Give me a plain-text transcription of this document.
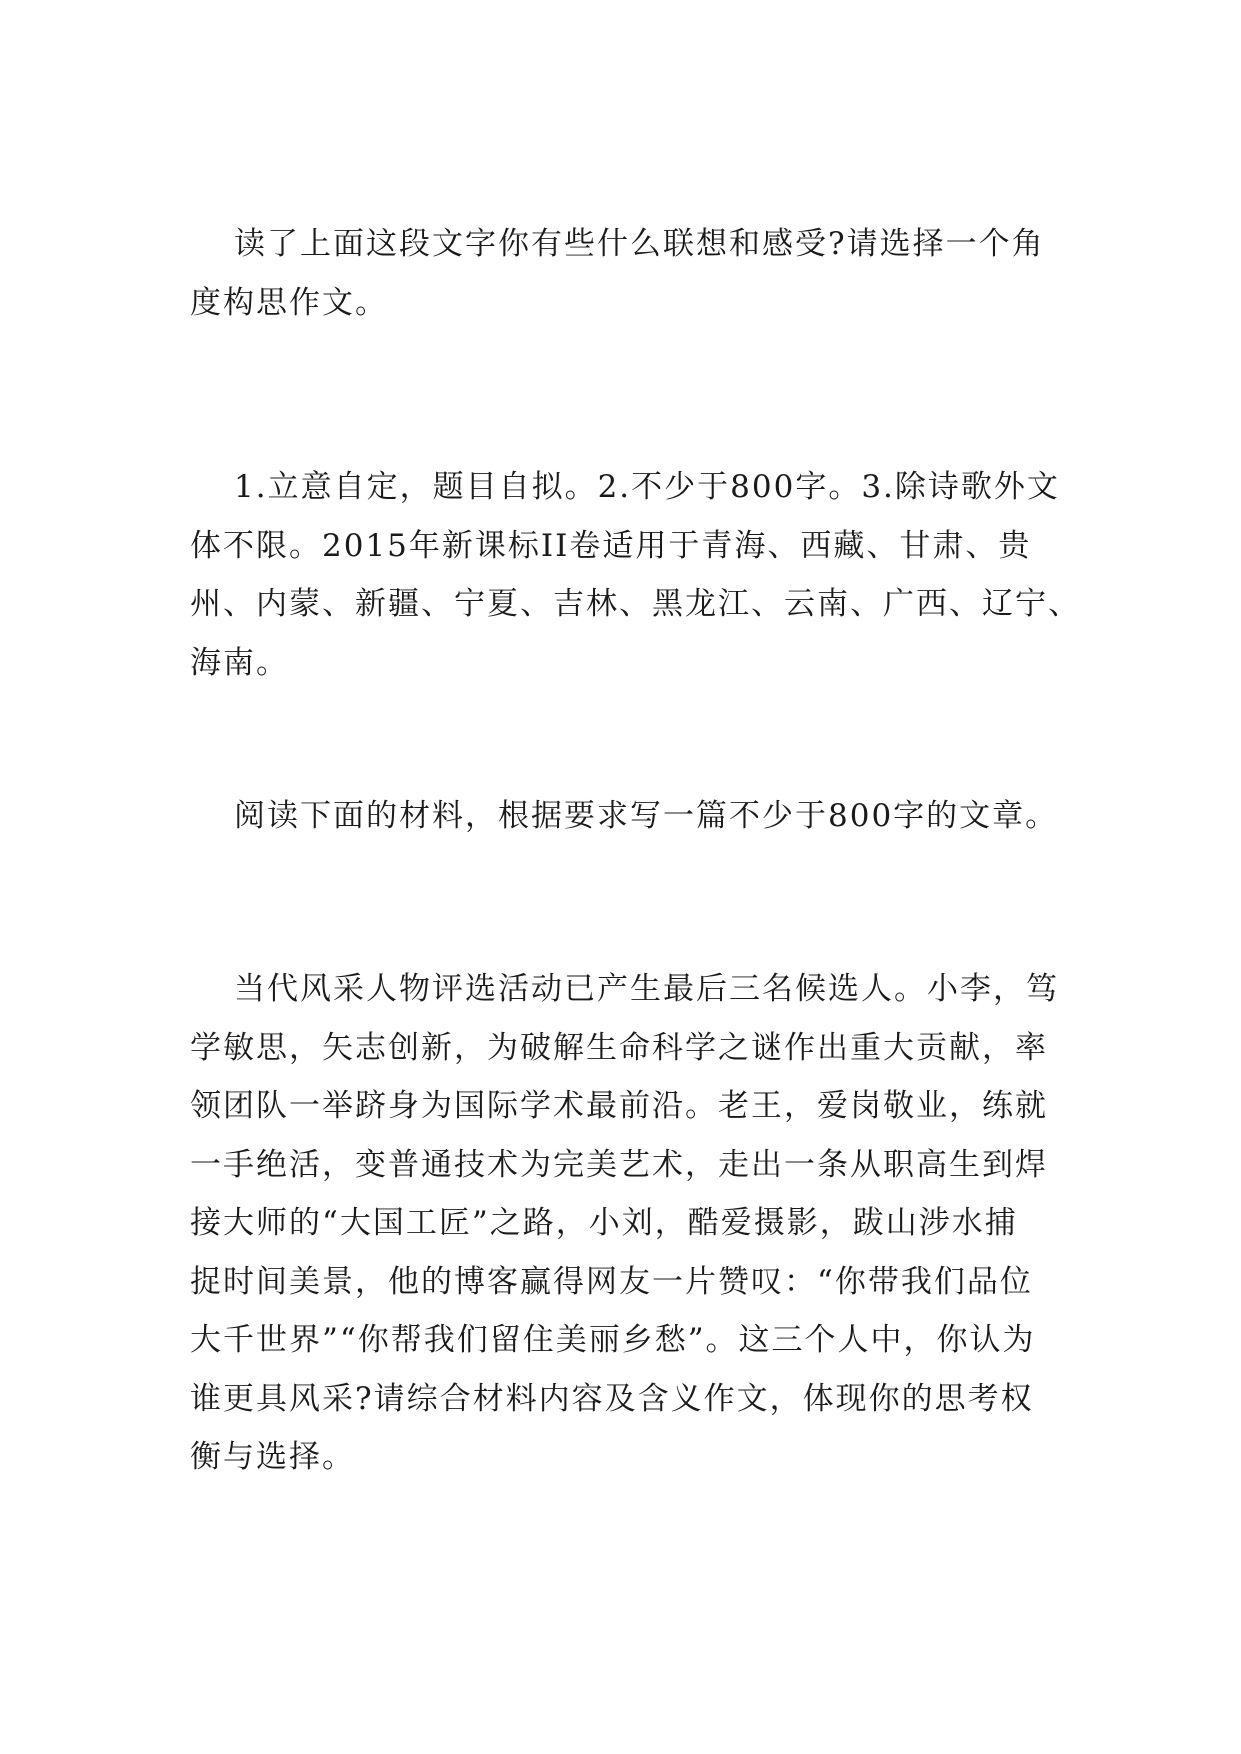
读了上面这段文字你有些什么联想和感受?请选择一个角
度构思作文。

1.立意自定，题目自拟。2.不少于800字。3.除诗歌外文
体不限。2015年新课标II卷适用于青海、西藏、甘肃、贵
州、内蒙、新疆、宁夏、吉林、黑龙江、云南、广西、辽宁、
海南。

阅读下面的材料，根据要求写一篇不少于800字的文章。

当代风采人物评选活动已产生最后三名候选人。小李，笃
学敏思，矢志创新，为破解生命科学之谜作出重大贡献，率
领团队一举跻身为国际学术最前沿。老王，爱岗敬业，练就
一手绝活，变普通技术为完美艺术，走出一条从职高生到焊
接大师的“大国工匠”之路，小刘，酷爱摄影，跋山涉水捕
捉时间美景，他的博客赢得网友一片赞叹：“你带我们品位
大千世界”“你帮我们留住美丽乡愁”。这三个人中，你认为
谁更具风采?请综合材料内容及含义作文，体现你的思考权
衡与选择。
